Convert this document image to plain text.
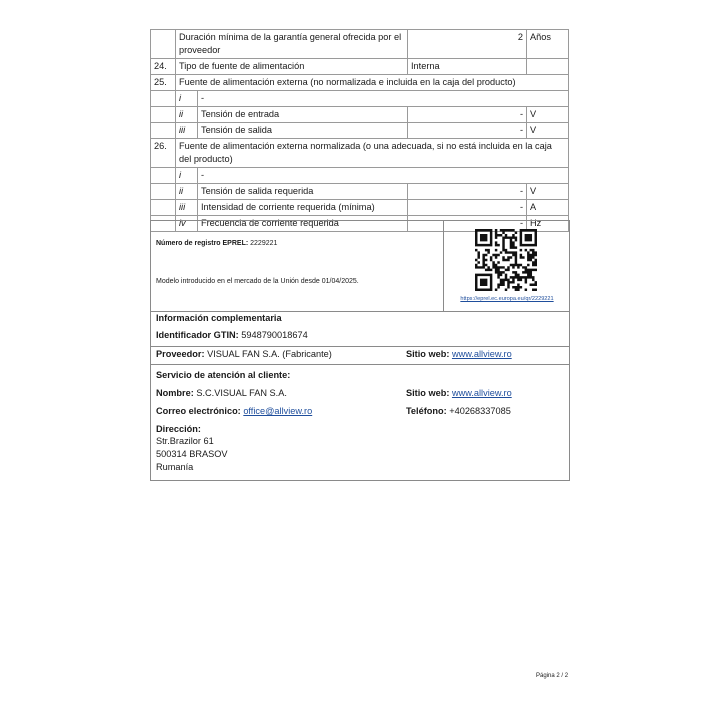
	Duración mínima de la garantía general ofrecida por el proveedor		2	Años
24.	Tipo de fuente de alimentación		Interna	
25.	Fuente de alimentación externa (no normalizada e incluida en la caja del producto)			
	i	-		
	ii	Tensión de entrada	-	V
	iii	Tensión de salida	-	V
26.	Fuente de alimentación externa normalizada (o una adecuada, si no está incluida en la caja del producto)			
	i	-		
	ii	Tensión de salida requerida	-	V
	iii	Intensidad de corriente requerida (mínima)	-	A
	iv	Frecuencia de corriente requerida	-	Hz
Número de registro EPREL: 2229221
Modelo introducido en el mercado de la Unión desde 01/04/2025.
https://eprel.ec.europa.eu/qr/2229221
Información complementaria
Identificador GTIN: 5948790018674
Proveedor: VISUAL FAN S.A. (Fabricante)	Sitio web: www.allview.ro
Servicio de atención al cliente:
Nombre: S.C.VISUAL FAN S.A.	Sitio web: www.allview.ro
Correo electrónico: office@allview.ro	Teléfono: +40268337085
Dirección:
Str.Brazilor 61
500314 BRASOV
Rumanía
Página 2 / 2
